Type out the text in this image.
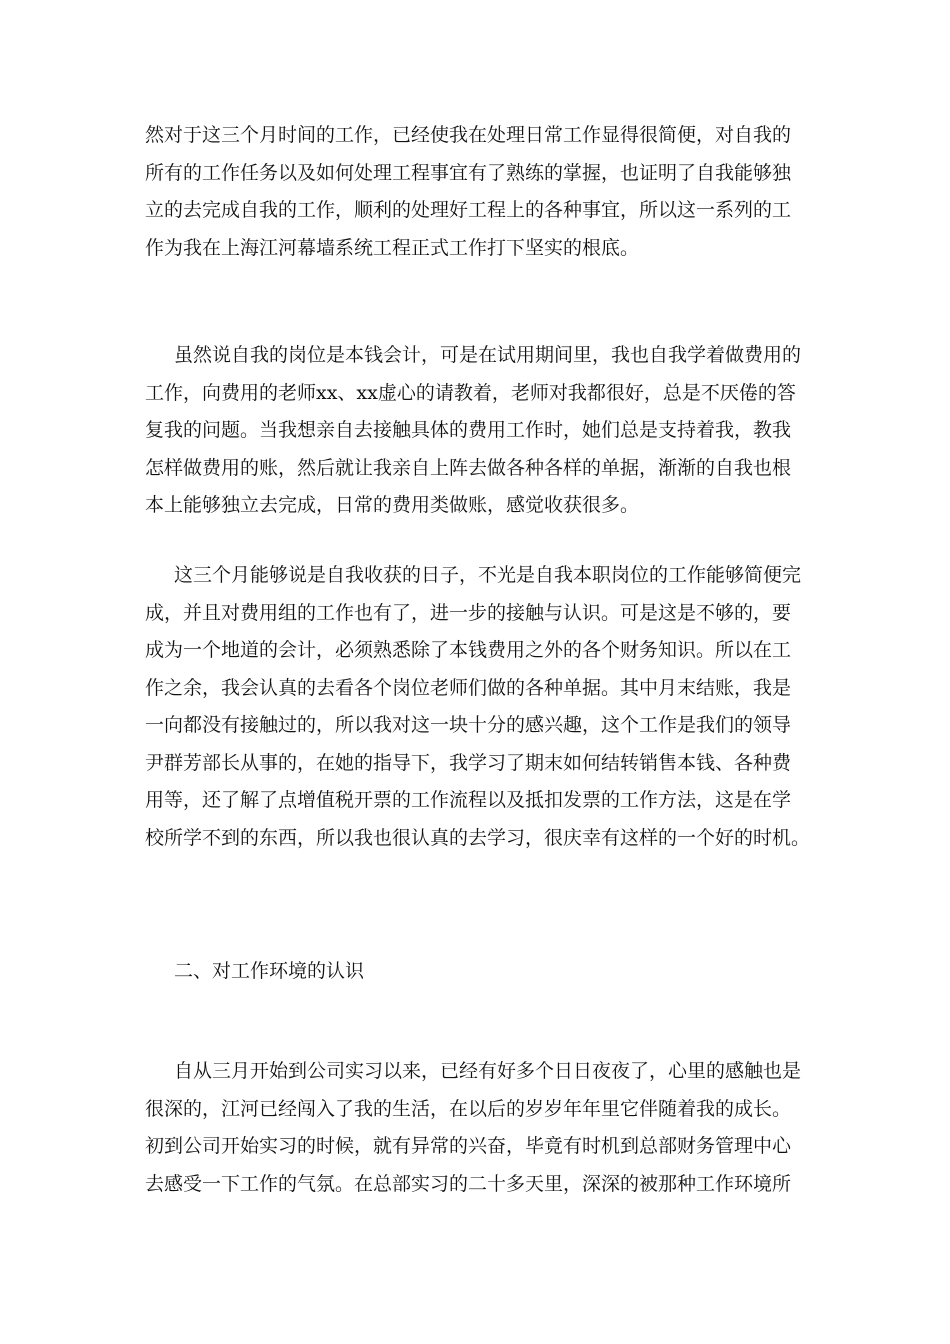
然对于这三个月时间的工作，已经使我在处理日常工作显得很简便，对自我的
所有的工作任务以及如何处理工程事宜有了熟练的掌握，也证明了自我能够独
立的去完成自我的工作，顺利的处理好工程上的各种事宜，所以这一系列的工
作为我在上海江河幕墙系统工程正式工作打下坚实的根底。
虽然说自我的岗位是本钱会计，可是在试用期间里，我也自我学着做费用的
工作，向费用的老师xx、xx虚心的请教着，老师对我都很好，总是不厌倦的答
复我的问题。当我想亲自去接触具体的费用工作时，她们总是支持着我，教我
怎样做费用的账，然后就让我亲自上阵去做各种各样的单据，渐渐的自我也根
本上能够独立去完成，日常的费用类做账，感觉收获很多。
这三个月能够说是自我收获的日子，不光是自我本职岗位的工作能够简便完
成，并且对费用组的工作也有了，进一步的接触与认识。可是这是不够的，要
成为一个地道的会计，必须熟悉除了本钱费用之外的各个财务知识。所以在工
作之余，我会认真的去看各个岗位老师们做的各种单据。其中月末结账，我是
一向都没有接触过的，所以我对这一块十分的感兴趣，这个工作是我们的领导
尹群芳部长从事的，在她的指导下，我学习了期末如何结转销售本钱、各种费
用等，还了解了点增值税开票的工作流程以及抵扣发票的工作方法，这是在学
校所学不到的东西，所以我也很认真的去学习，很庆幸有这样的一个好的时机。
二、对工作环境的认识
自从三月开始到公司实习以来，已经有好多个日日夜夜了，心里的感触也是
很深的，江河已经闯入了我的生活，在以后的岁岁年年里它伴随着我的成长。
初到公司开始实习的时候，就有异常的兴奋，毕竟有时机到总部财务管理中心
去感受一下工作的气氛。在总部实习的二十多天里，深深的被那种工作环境所
